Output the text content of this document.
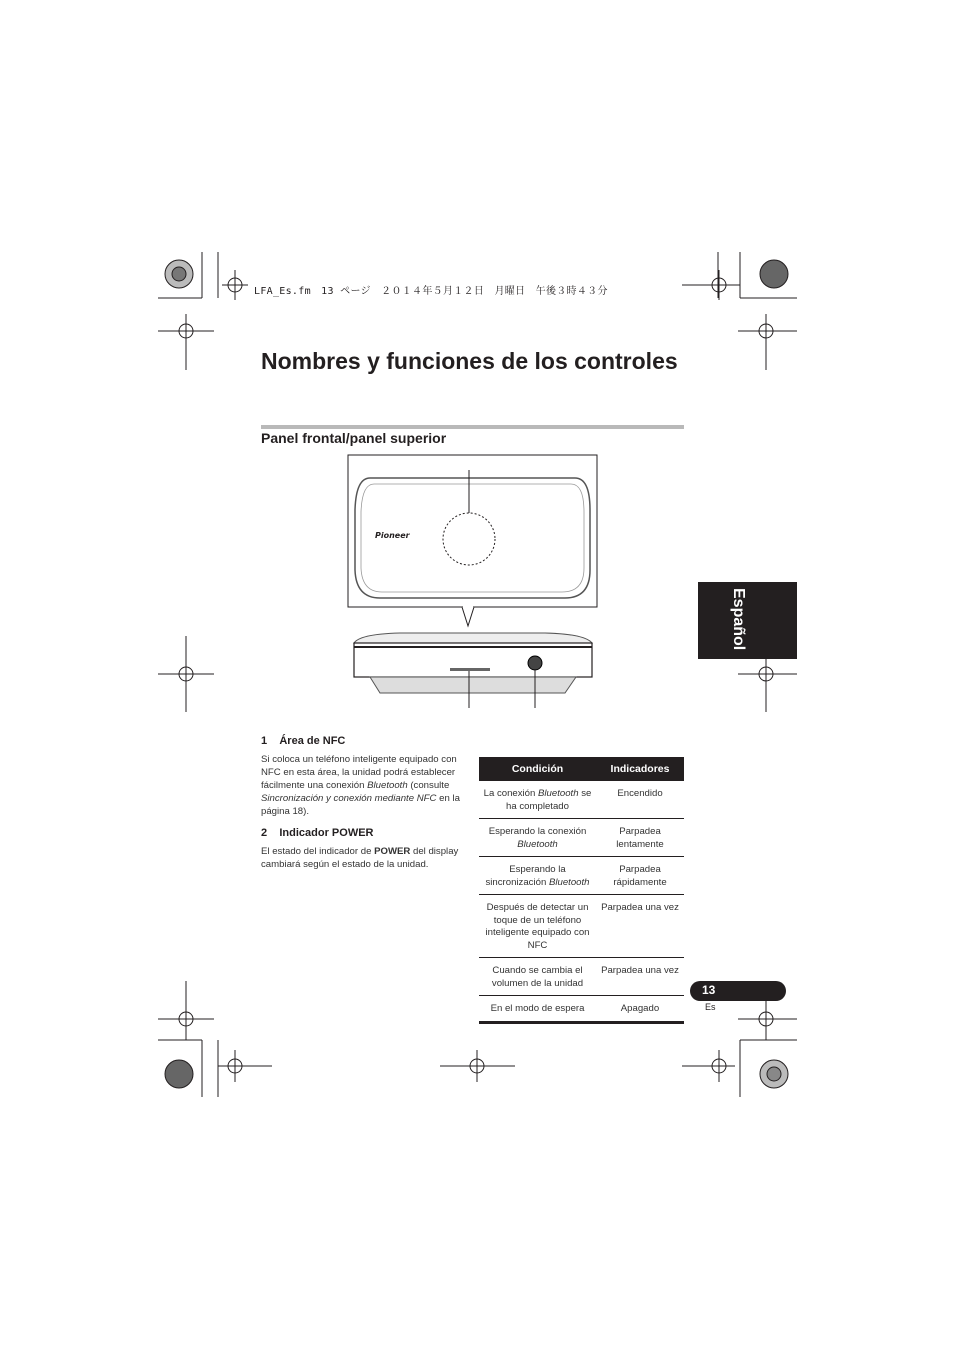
LFA_Es.fm　13 ページ　２０１４年５月１２日　月曜日　午後３時４３分
Nombres y funciones de los controles
Panel frontal/panel superior
Pioneer
1 Área de NFC
Si coloca un teléfono inteligente equipado con NFC en esta área, la unidad podrá establecer fácilmente una conexión Bluetooth (consulte Sincronización y conexión mediante NFC en la página 18).
2 Indicador POWER
El estado del indicador de POWER del display cambiará según el estado de la unidad.
Condición	Indicadores
La conexión Bluetooth se ha completado	Encendido
Esperando la conexión Bluetooth	Parpadea lentamente
Esperando la sincronización Bluetooth	Parpadea rápidamente
Después de detectar un toque de un teléfono inteligente equipado con NFC	Parpadea una vez
Cuando se cambia el volumen de la unidad	Parpadea una vez
En el modo de espera	Apagado
Español
13
Es
